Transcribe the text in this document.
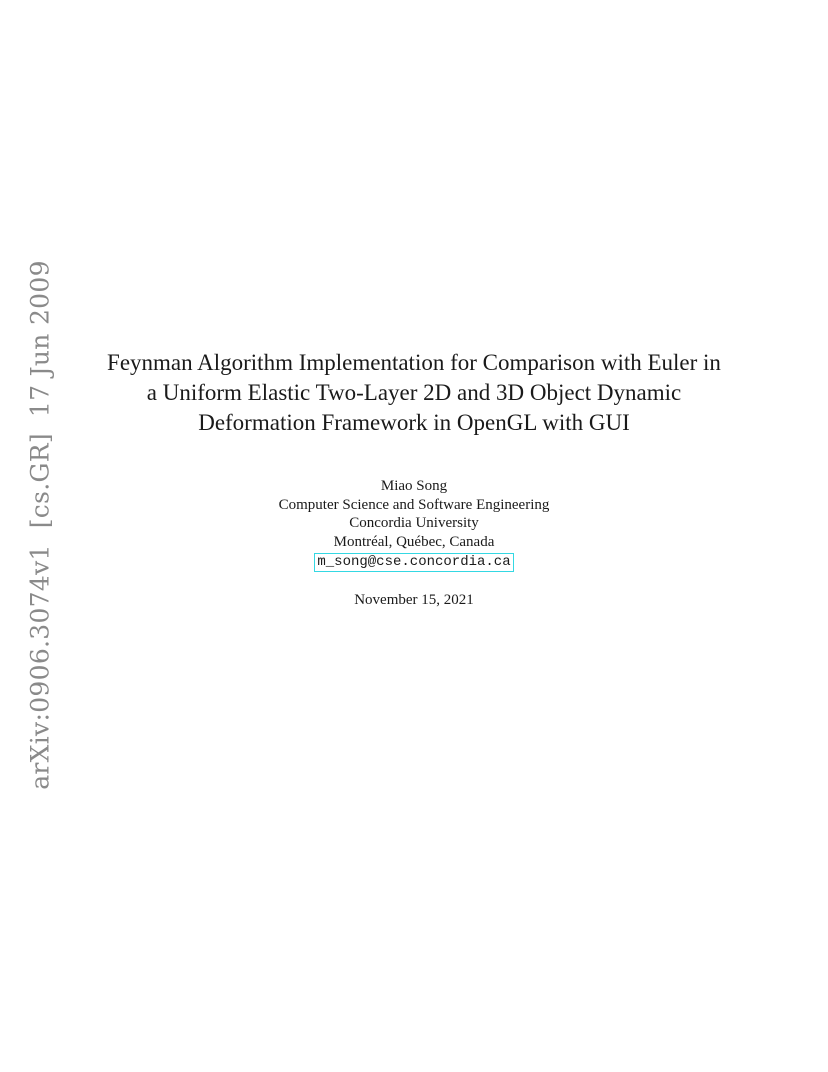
arXiv:0906.3074v1[cs.GR]17 Jun 2009	Feynman Algorithm Implementation for Comparison with Euler in
a Uniform Elastic Two-Layer 2D and 3D Object Dynamic
Deformation Framework in OpenGL with GUI
Miao Song
Computer Science and Software Engineering
Concordia University
Montréal, Québec, Canada
m_song@cse.concordia.ca
November 15, 2021
